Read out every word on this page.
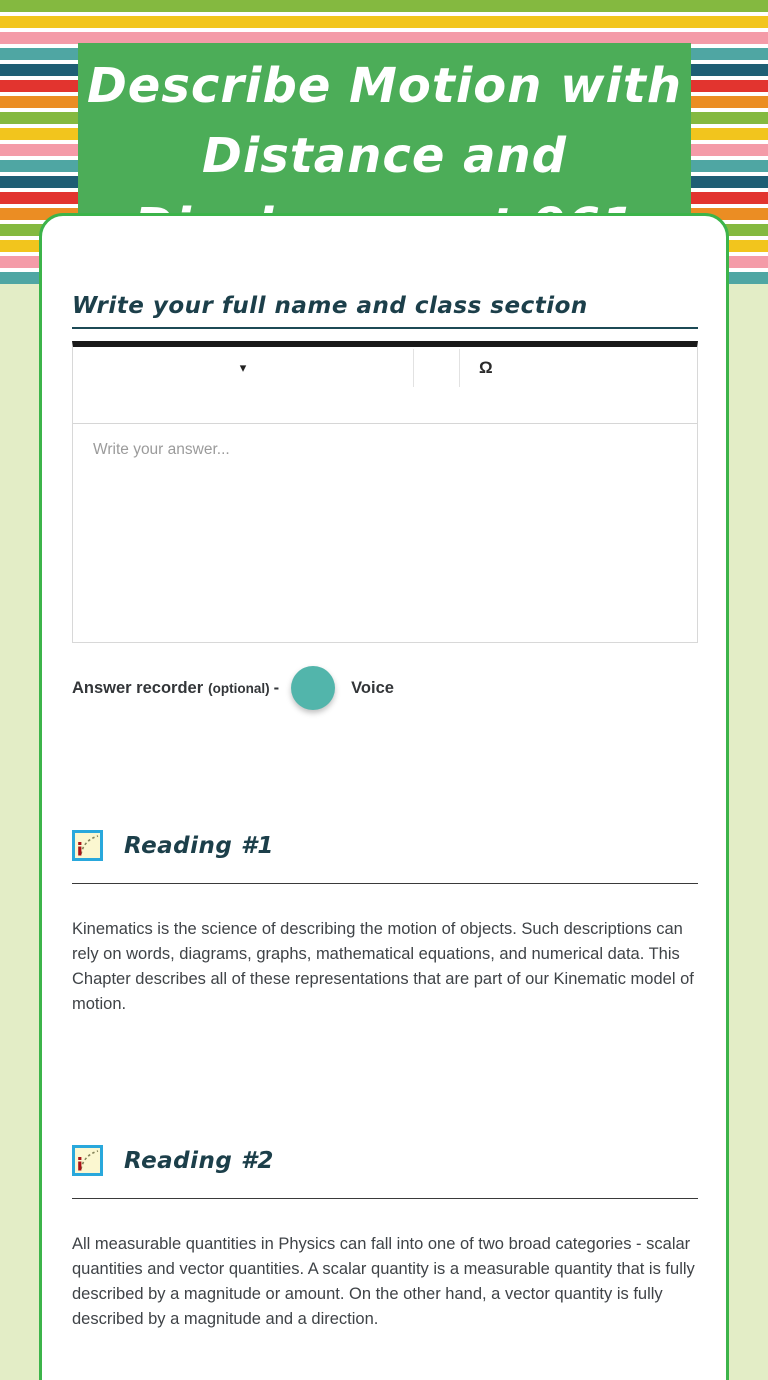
Describe Motion with
Distance and
Write your full name and class section
▾	Ω
Write your answer...
Answer recorder (optional) -	Voice
Reading #1

Kinematics is the science of describing the motion of objects. Such descriptions can rely on words, diagrams, graphs, mathematical equations, and numerical data. This Chapter describes all of these representations that are part of our Kinematic model of motion.

Reading #2

All measurable quantities in Physics can fall into one of two broad categories - scalar quantities and vector quantities. A scalar quantity is a measurable quantity that is fully described by a magnitude or amount. On the other hand, a vector quantity is fully described by a magnitude and a direction.
